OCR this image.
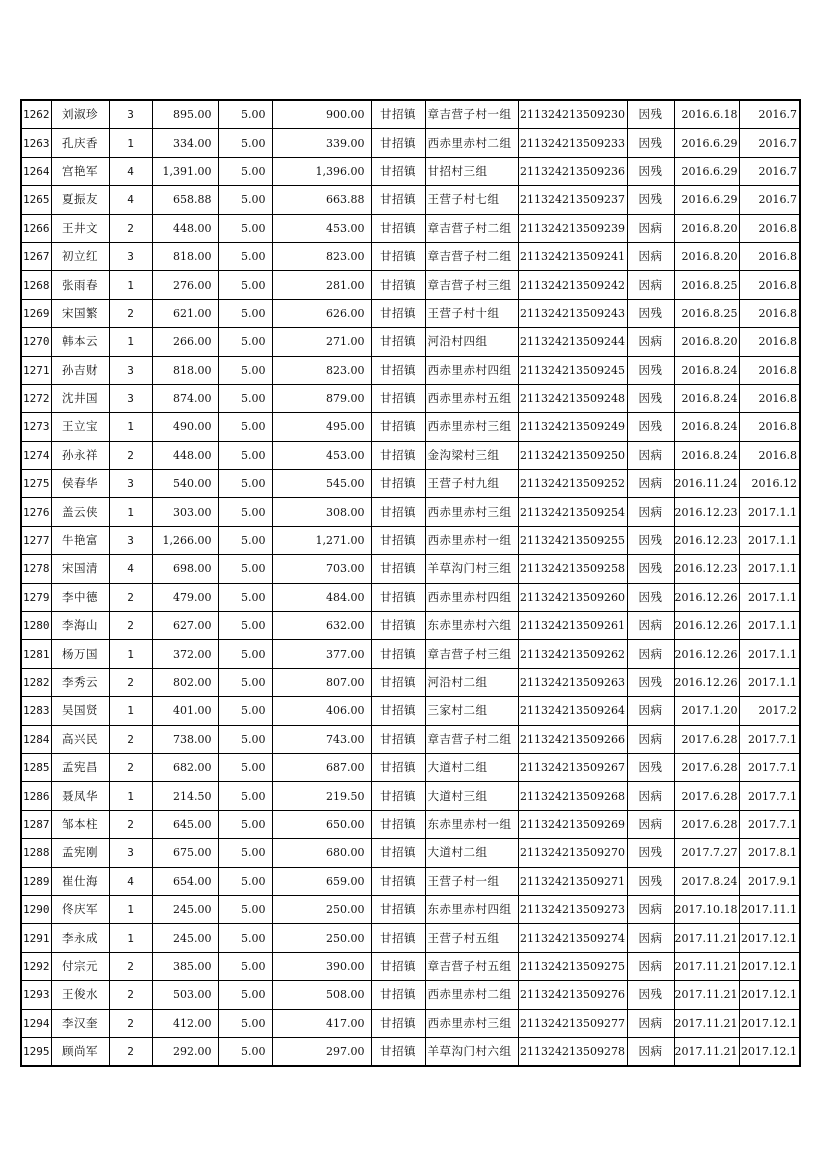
1262	刘淑珍	3	895.00	5.00	900.00	甘招镇	章吉营子村一组	211324213509230	因残	2016.6.18	2016.7
1263	孔庆香	1	334.00	5.00	339.00	甘招镇	西赤里赤村二组	211324213509233	因残	2016.6.29	2016.7
1264	宫艳军	4	1,391.00	5.00	1,396.00	甘招镇	甘招村三组	211324213509236	因残	2016.6.29	2016.7
1265	夏振友	4	658.88	5.00	663.88	甘招镇	王营子村七组	211324213509237	因残	2016.6.29	2016.7
1266	王井文	2	448.00	5.00	453.00	甘招镇	章吉营子村二组	211324213509239	因病	2016.8.20	2016.8
1267	初立红	3	818.00	5.00	823.00	甘招镇	章吉营子村二组	211324213509241	因病	2016.8.20	2016.8
1268	张雨春	1	276.00	5.00	281.00	甘招镇	章吉营子村三组	211324213509242	因病	2016.8.25	2016.8
1269	宋国繁	2	621.00	5.00	626.00	甘招镇	王营子村十组	211324213509243	因残	2016.8.25	2016.8
1270	韩本云	1	266.00	5.00	271.00	甘招镇	河沿村四组	211324213509244	因病	2016.8.20	2016.8
1271	孙吉财	3	818.00	5.00	823.00	甘招镇	西赤里赤村四组	211324213509245	因残	2016.8.24	2016.8
1272	沈井国	3	874.00	5.00	879.00	甘招镇	西赤里赤村五组	211324213509248	因残	2016.8.24	2016.8
1273	王立宝	1	490.00	5.00	495.00	甘招镇	西赤里赤村三组	211324213509249	因残	2016.8.24	2016.8
1274	孙永祥	2	448.00	5.00	453.00	甘招镇	金沟梁村三组	211324213509250	因病	2016.8.24	2016.8
1275	侯春华	3	540.00	5.00	545.00	甘招镇	王营子村九组	211324213509252	因病	2016.11.24	2016.12
1276	盖云侠	1	303.00	5.00	308.00	甘招镇	西赤里赤村三组	211324213509254	因病	2016.12.23	2017.1.1
1277	牛艳富	3	1,266.00	5.00	1,271.00	甘招镇	西赤里赤村一组	211324213509255	因残	2016.12.23	2017.1.1
1278	宋国清	4	698.00	5.00	703.00	甘招镇	羊草沟门村三组	211324213509258	因残	2016.12.23	2017.1.1
1279	李中德	2	479.00	5.00	484.00	甘招镇	西赤里赤村四组	211324213509260	因残	2016.12.26	2017.1.1
1280	李海山	2	627.00	5.00	632.00	甘招镇	东赤里赤村六组	211324213509261	因病	2016.12.26	2017.1.1
1281	杨万国	1	372.00	5.00	377.00	甘招镇	章吉营子村三组	211324213509262	因病	2016.12.26	2017.1.1
1282	李秀云	2	802.00	5.00	807.00	甘招镇	河沿村二组	211324213509263	因残	2016.12.26	2017.1.1
1283	吴国贤	1	401.00	5.00	406.00	甘招镇	三家村二组	211324213509264	因病	2017.1.20	2017.2
1284	高兴民	2	738.00	5.00	743.00	甘招镇	章吉营子村二组	211324213509266	因病	2017.6.28	2017.7.1
1285	孟宪昌	2	682.00	5.00	687.00	甘招镇	大道村二组	211324213509267	因残	2017.6.28	2017.7.1
1286	聂凤华	1	214.50	5.00	219.50	甘招镇	大道村三组	211324213509268	因病	2017.6.28	2017.7.1
1287	邹本柱	2	645.00	5.00	650.00	甘招镇	东赤里赤村一组	211324213509269	因病	2017.6.28	2017.7.1
1288	孟宪刚	3	675.00	5.00	680.00	甘招镇	大道村二组	211324213509270	因残	2017.7.27	2017.8.1
1289	崔仕海	4	654.00	5.00	659.00	甘招镇	王营子村一组	211324213509271	因残	2017.8.24	2017.9.1
1290	佟庆军	1	245.00	5.00	250.00	甘招镇	东赤里赤村四组	211324213509273	因病	2017.10.18	2017.11.1
1291	李永成	1	245.00	5.00	250.00	甘招镇	王营子村五组	211324213509274	因病	2017.11.21	2017.12.1
1292	付宗元	2	385.00	5.00	390.00	甘招镇	章吉营子村五组	211324213509275	因病	2017.11.21	2017.12.1
1293	王俊水	2	503.00	5.00	508.00	甘招镇	西赤里赤村二组	211324213509276	因残	2017.11.21	2017.12.1
1294	李汉奎	2	412.00	5.00	417.00	甘招镇	西赤里赤村三组	211324213509277	因病	2017.11.21	2017.12.1
1295	顾尚军	2	292.00	5.00	297.00	甘招镇	羊草沟门村六组	211324213509278	因病	2017.11.21	2017.12.1
